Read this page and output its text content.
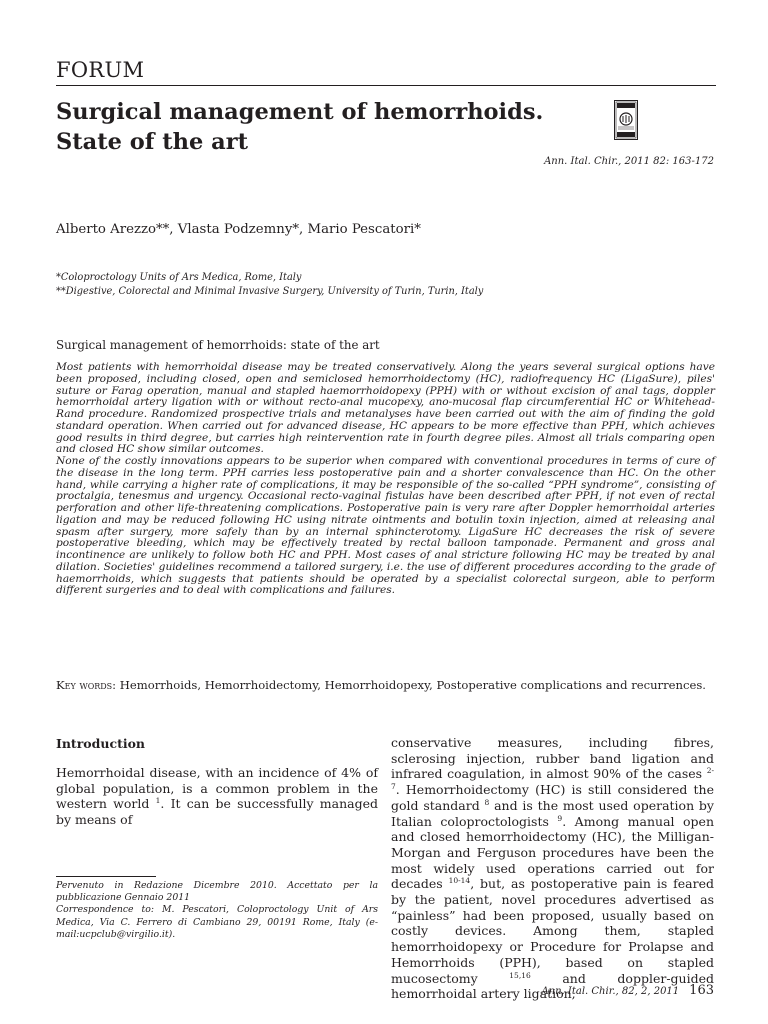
FORUM
Surgical management of hemorrhoids.
State of the art
Ann. Ital. Chir., 2011 82: 163-172
Alberto Arezzo**, Vlasta Podzemny*, Mario Pescatori*
*Coloproctology Units of Ars Medica, Rome, Italy
**Digestive, Colorectal and Minimal Invasive Surgery, University of Turin, Turin, Italy
Surgical management of hemorrhoids: state of the art

Most patients with hemorrhoidal disease may be treated conservatively. Along the years several surgical options have been proposed, including closed, open and semiclosed hemorrhoidectomy (HC), radiofrequency HC (LigaSure), piles' suture or Farag operation, manual and stapled haemorrhoidopexy (PPH) with or without excision of anal tags, doppler hemorrhoidal artery ligation with or without recto-anal mucopexy, ano-mucosal flap circumferential HC or Whitehead-Rand procedure. Randomized prospective trials and metanalyses have been carried out with the aim of finding the gold standard operation. When carried out for advanced disease, HC appears to be more effective than PPH, which achieves good results in third degree, but carries high reintervention rate in fourth degree piles. Almost all trials comparing open and closed HC show similar outcomes.

None of the costly innovations appears to be superior when compared with conventional procedures in terms of cure of the disease in the long term. PPH carries less postoperative pain and a shorter convalescence than HC. On the other hand, while carrying a higher rate of complications, it may be responsible of the so-called “PPH syndrome”, consisting of proctalgia, tenesmus and urgency. Occasional recto-vaginal fistulas have been described after PPH, if not even of rectal perforation and other life-threatening complications. Postoperative pain is very rare after Doppler hemorrhoidal arteries ligation and may be reduced following HC using nitrate ointments and botulin toxin injection, aimed at releasing anal spasm after surgery, more safely than by an internal sphincterotomy. LigaSure HC decreases the risk of severe postoperative bleeding, which may be effectively treated by rectal balloon tamponade. Permanent and gross anal incontinence are unlikely to follow both HC and PPH. Most cases of anal stricture following HC may be treated by anal dilation. Societies' guidelines recommend a tailored surgery, i.e. the use of different procedures according to the grade of haemorrhoids, which suggests that patients should be operated by a specialist colorectal surgeon, able to perform different surgeries and to deal with complications and failures.

Key words: Hemorrhoids, Hemorrhoidectomy, Hemorrhoidopexy, Postoperative complications and recurrences.
Introduction

Hemorrhoidal disease, with an incidence of 4% of global population, is a common problem in the western world $^1$. It can be successfully managed by means of

Pervenuto in Redazione Dicembre 2010. Accettato per la pubblicazione Gennaio 2011

Correspondence to: M. Pescatori, Coloproctology Unit of Ars Medica, Via C. Ferrero di Cambiano 29, 00191 Rome, Italy (e-mail:ucpclub@virgilio.it).

conservative measures, including fibres, sclerosing injection, rubber band ligation and infrared coagulation, in almost 90% of the cases $^{2-7}$. Hemorrhoidectomy (HC) is still considered the gold standard $^8$ and is the most used operation by Italian coloproctologists $^9$. Among manual open and closed hemorrhoidectomy (HC), the Milligan-Morgan and Ferguson procedures have been the most widely used operations carried out for decades $^{10-14}$, but, as postoperative pain is feared by the patient, novel procedures advertised as “painless” had been proposed, usually based on costly devices. Among them, stapled hemorrhoidopexy or Procedure for Prolapse and Hemorrhoids (PPH), based on stapled mucosectomy $^{15,16}$ and doppler-guided hemorrhoidal artery ligation,

Ann. Ital. Chir., 82, 2, 2011 163
